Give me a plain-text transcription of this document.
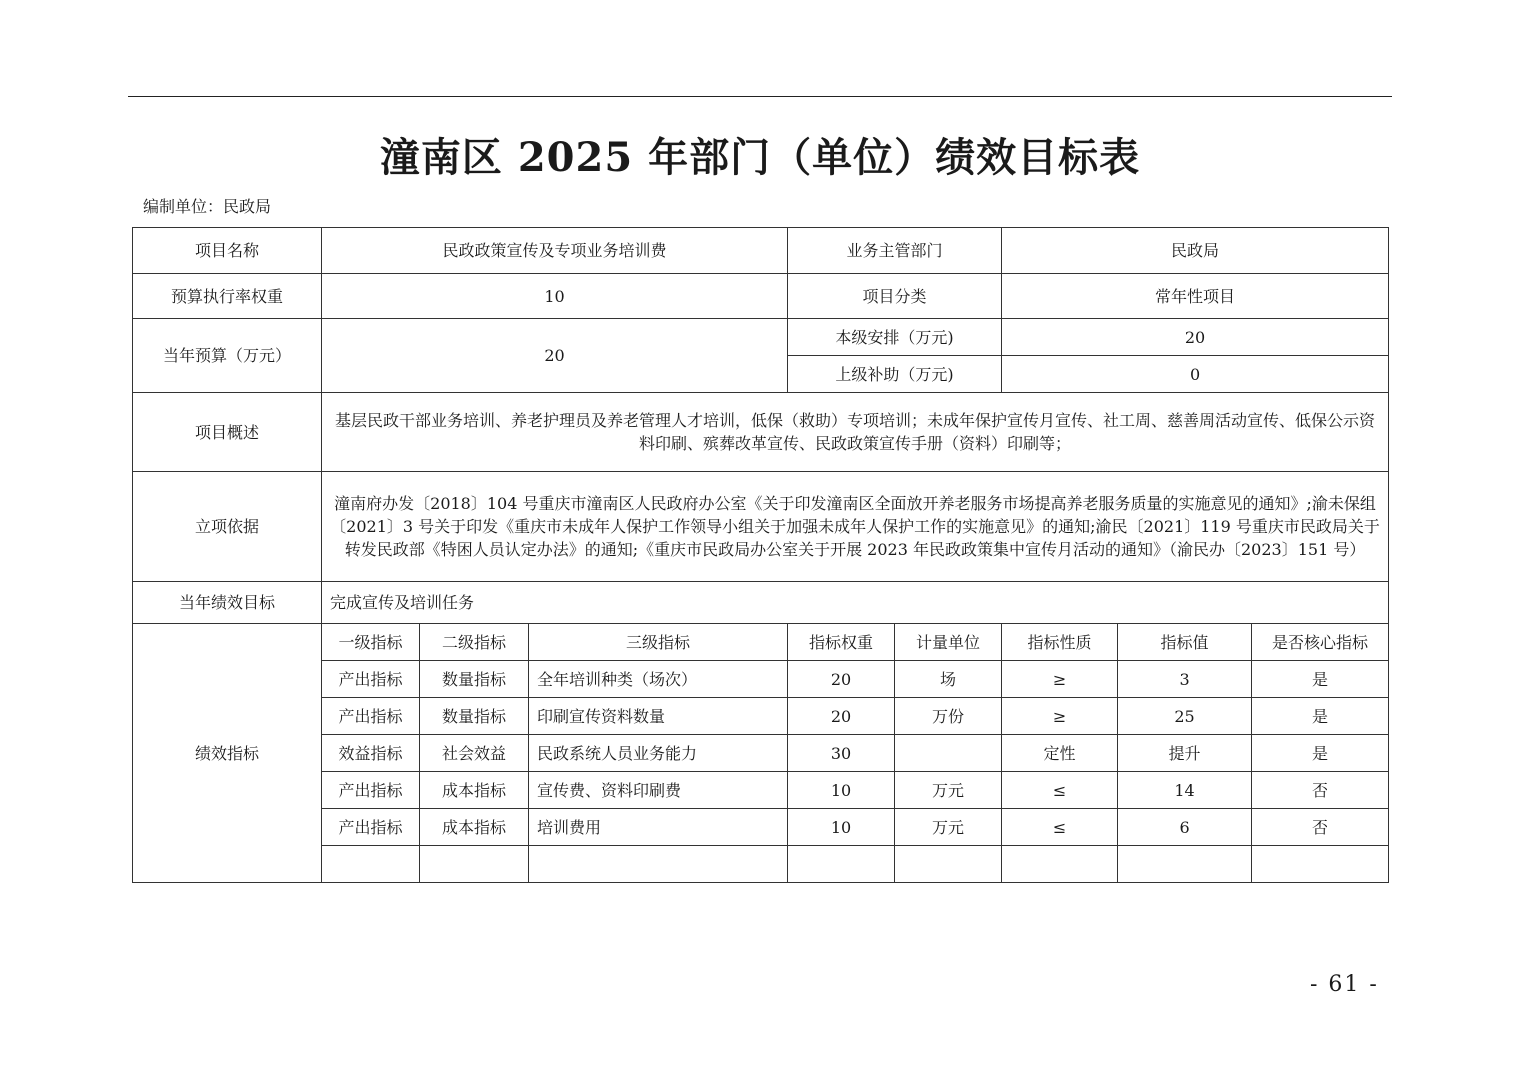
潼南区 2025 年部门（单位）绩效目标表
编制单位：民政局
项目名称	民政政策宣传及专项业务培训费			业务主管部门		民政局		
预算执行率权重	10			项目分类		常年性项目		
当年预算（万元）	20			本级安排（万元)		20		
				上级补助（万元)		0		
项目概述	基层民政干部业务培训、养老护理员及养老管理人才培训，低保（救助）专项培训；未成年保护宣传月宣传、社工周、慈善周活动宣传、低保公示资料印刷、殡葬改革宣传、民政政策宣传手册（资料）印刷等；							
立项依据	潼南府办发〔2018〕104 号重庆市潼南区人民政府办公室《关于印发潼南区全面放开养老服务市场提高养老服务质量的实施意见的通知》;渝未保组〔2021〕3 号关于印发《重庆市未成年人保护工作领导小组关于加强未成年人保护工作的实施意见》的通知;渝民〔2021〕119 号重庆市民政局关于转发民政部《特困人员认定办法》的通知;《重庆市民政局办公室关于开展 2023 年民政政策集中宣传月活动的通知》（渝民办〔2023〕151 号）							
当年绩效目标	完成宣传及培训任务							
绩效指标	一级指标	二级指标	三级指标	指标权重	计量单位	指标性质	指标值	是否核心指标
	产出指标	数量指标	全年培训种类（场次）	20	场	≥	3	是
	产出指标	数量指标	印刷宣传资料数量	20	万份	≥	25	是
	效益指标	社会效益	民政系统人员业务能力	30		定性	提升	是
	产出指标	成本指标	宣传费、资料印刷费	10	万元	≤	14	否
	产出指标	成本指标	培训费用	10	万元	≤	6	否

- 61 -
